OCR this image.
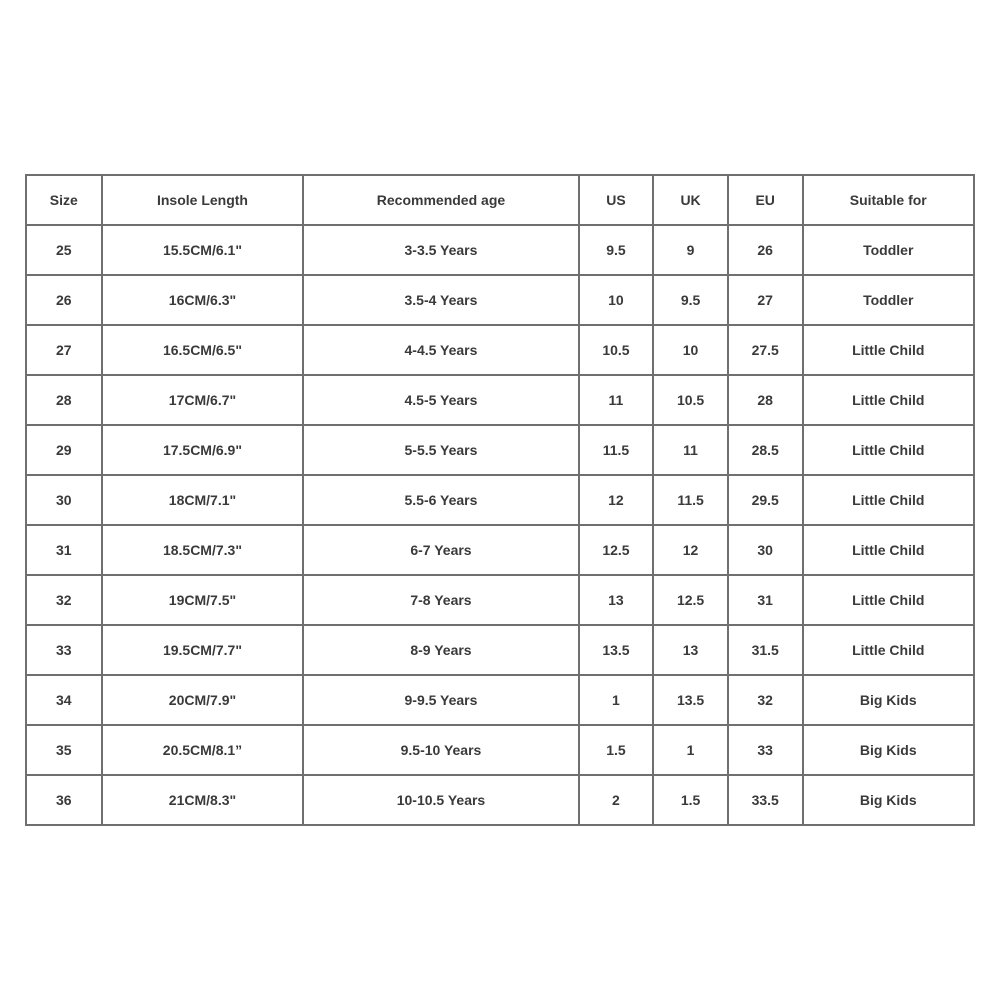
Size	Insole Length	Recommended age	US	UK	EU	Suitable for
25	15.5CM/6.1"	3-3.5 Years	9.5	9	26	Toddler
26	16CM/6.3"	3.5-4 Years	10	9.5	27	Toddler
27	16.5CM/6.5"	4-4.5 Years	10.5	10	27.5	Little Child
28	17CM/6.7"	4.5-5 Years	11	10.5	28	Little Child
29	17.5CM/6.9"	5-5.5 Years	11.5	11	28.5	Little Child
30	18CM/7.1"	5.5-6 Years	12	11.5	29.5	Little Child
31	18.5CM/7.3"	6-7 Years	12.5	12	30	Little Child
32	19CM/7.5"	7-8 Years	13	12.5	31	Little Child
33	19.5CM/7.7"	8-9 Years	13.5	13	31.5	Little Child
34	20CM/7.9"	9-9.5 Years	1	13.5	32	Big Kids
35	20.5CM/8.1”	9.5-10 Years	1.5	1	33	Big Kids
36	21CM/8.3"	10-10.5 Years	2	1.5	33.5	Big Kids
